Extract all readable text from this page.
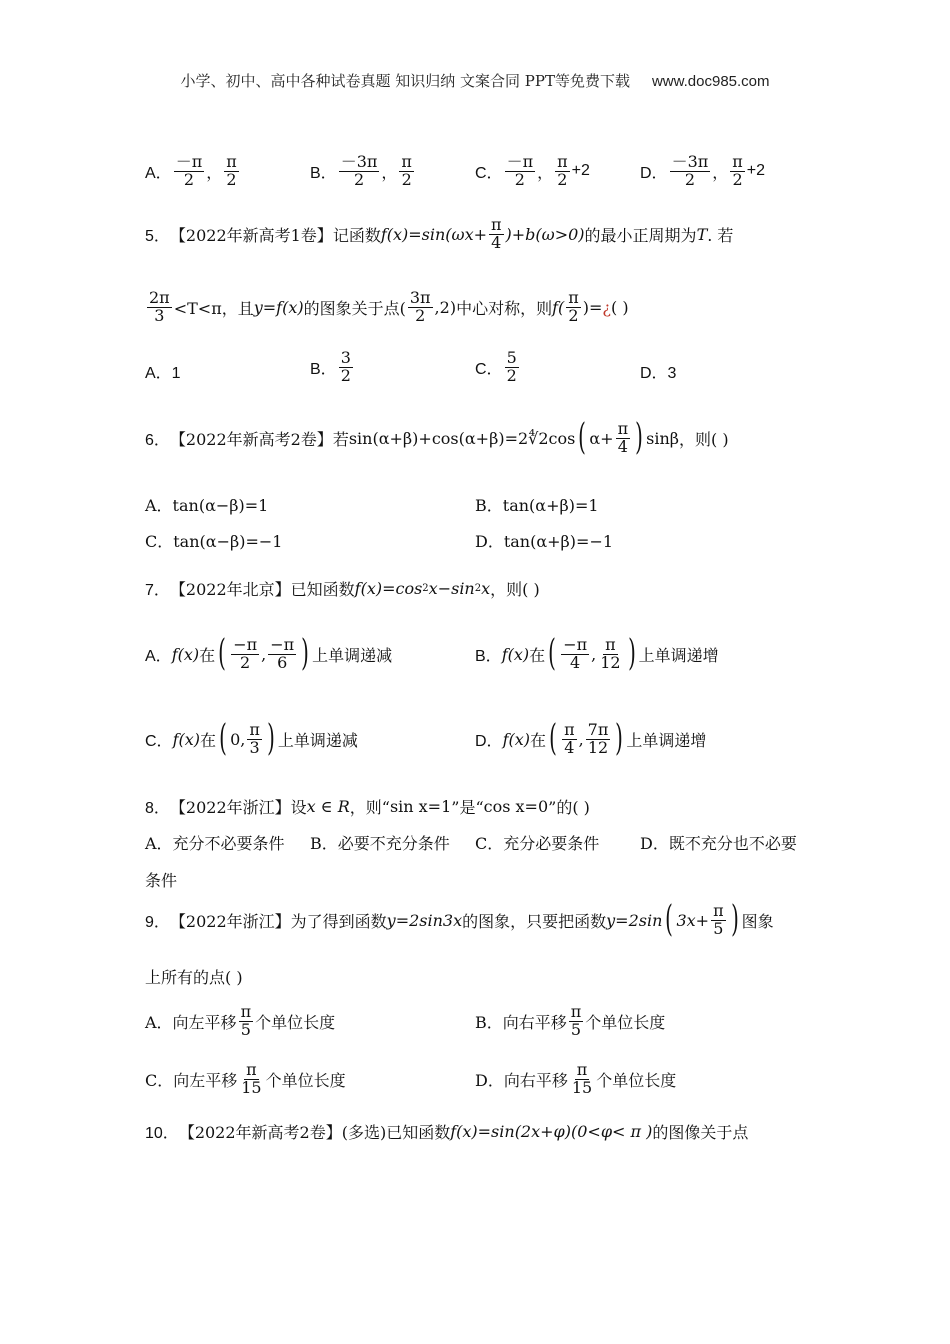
小学、初中、高中各种试卷真题 知识归纳 文案合同 PPT等免费下载 www.doc985.com
A．
－π
2 ，
π
2	B．
－3π
2 ，
π
2	C．
－π
2 ，
π
2 +2	D．
－3π
2 ，
π
2 +2
5． 【2022年新高考1卷】 记函数 $f(x)=\sin(\omega x+ \frac{\pi}{4} )+b(\omega>0)$ 的最小正周期为 T . 若
2π
3 <T<π，且 y=f(x) 的图象关于点(
3π
2 ,2) 中心对称，则 f(
π
2 )= ¿ ( )
A．1	B．
3
2	C．
5
2	D．3
6． 【2022年新高考2卷】 若 sin(α+β)+cos(α+β)=2∜2cos ( $\alpha+ \frac{\pi}{4}$ ) sinβ ，则( )
A．tan(α−β)=1	B．tan(α+β)=1
C．tan(α−β)=−1	D．tan(α+β)=−1
7． 【2022年北京】 已知函数 f(x)=cos 2 x−sin 2 x ，则( )
A． f(x) 在 ( −π
2 ,
−π
6 ) 上单调递减	B． f(x) 在 ( −π
4 ,
π
12 ) 上单调递增
C． f(x) 在 ( 0 ,
π
3 ) 上单调递减	D． f(x) 在 ( π
4 ,
7π
12 ) 上单调递增
8． 【2022年浙江】 设 x ∈ R ，则“ sin x=1 ”是“ cos x=0 ”的( )
A．充分不必要条件 B．必要不充分条件 C．充分必要条件	D．既不充分也不必要
条件
9． 【2022年浙江】 为了得到函数 y=2sin3x 的图象，只要把函数 y=2sin ( $3x+ \frac{\pi}{5}$ ) 图象
上所有的点( )
A．向左平移
π
5 个单位长度	B．向右平移
π
5 个单位长度
C．向左平移
π
15 个单位长度	D．向右平移
π
15 个单位长度
10． 【2022年新高考2卷】 (多选)已知函数 f(x)=sin(2x+φ)(0<φ< π ) 的图像关于点
